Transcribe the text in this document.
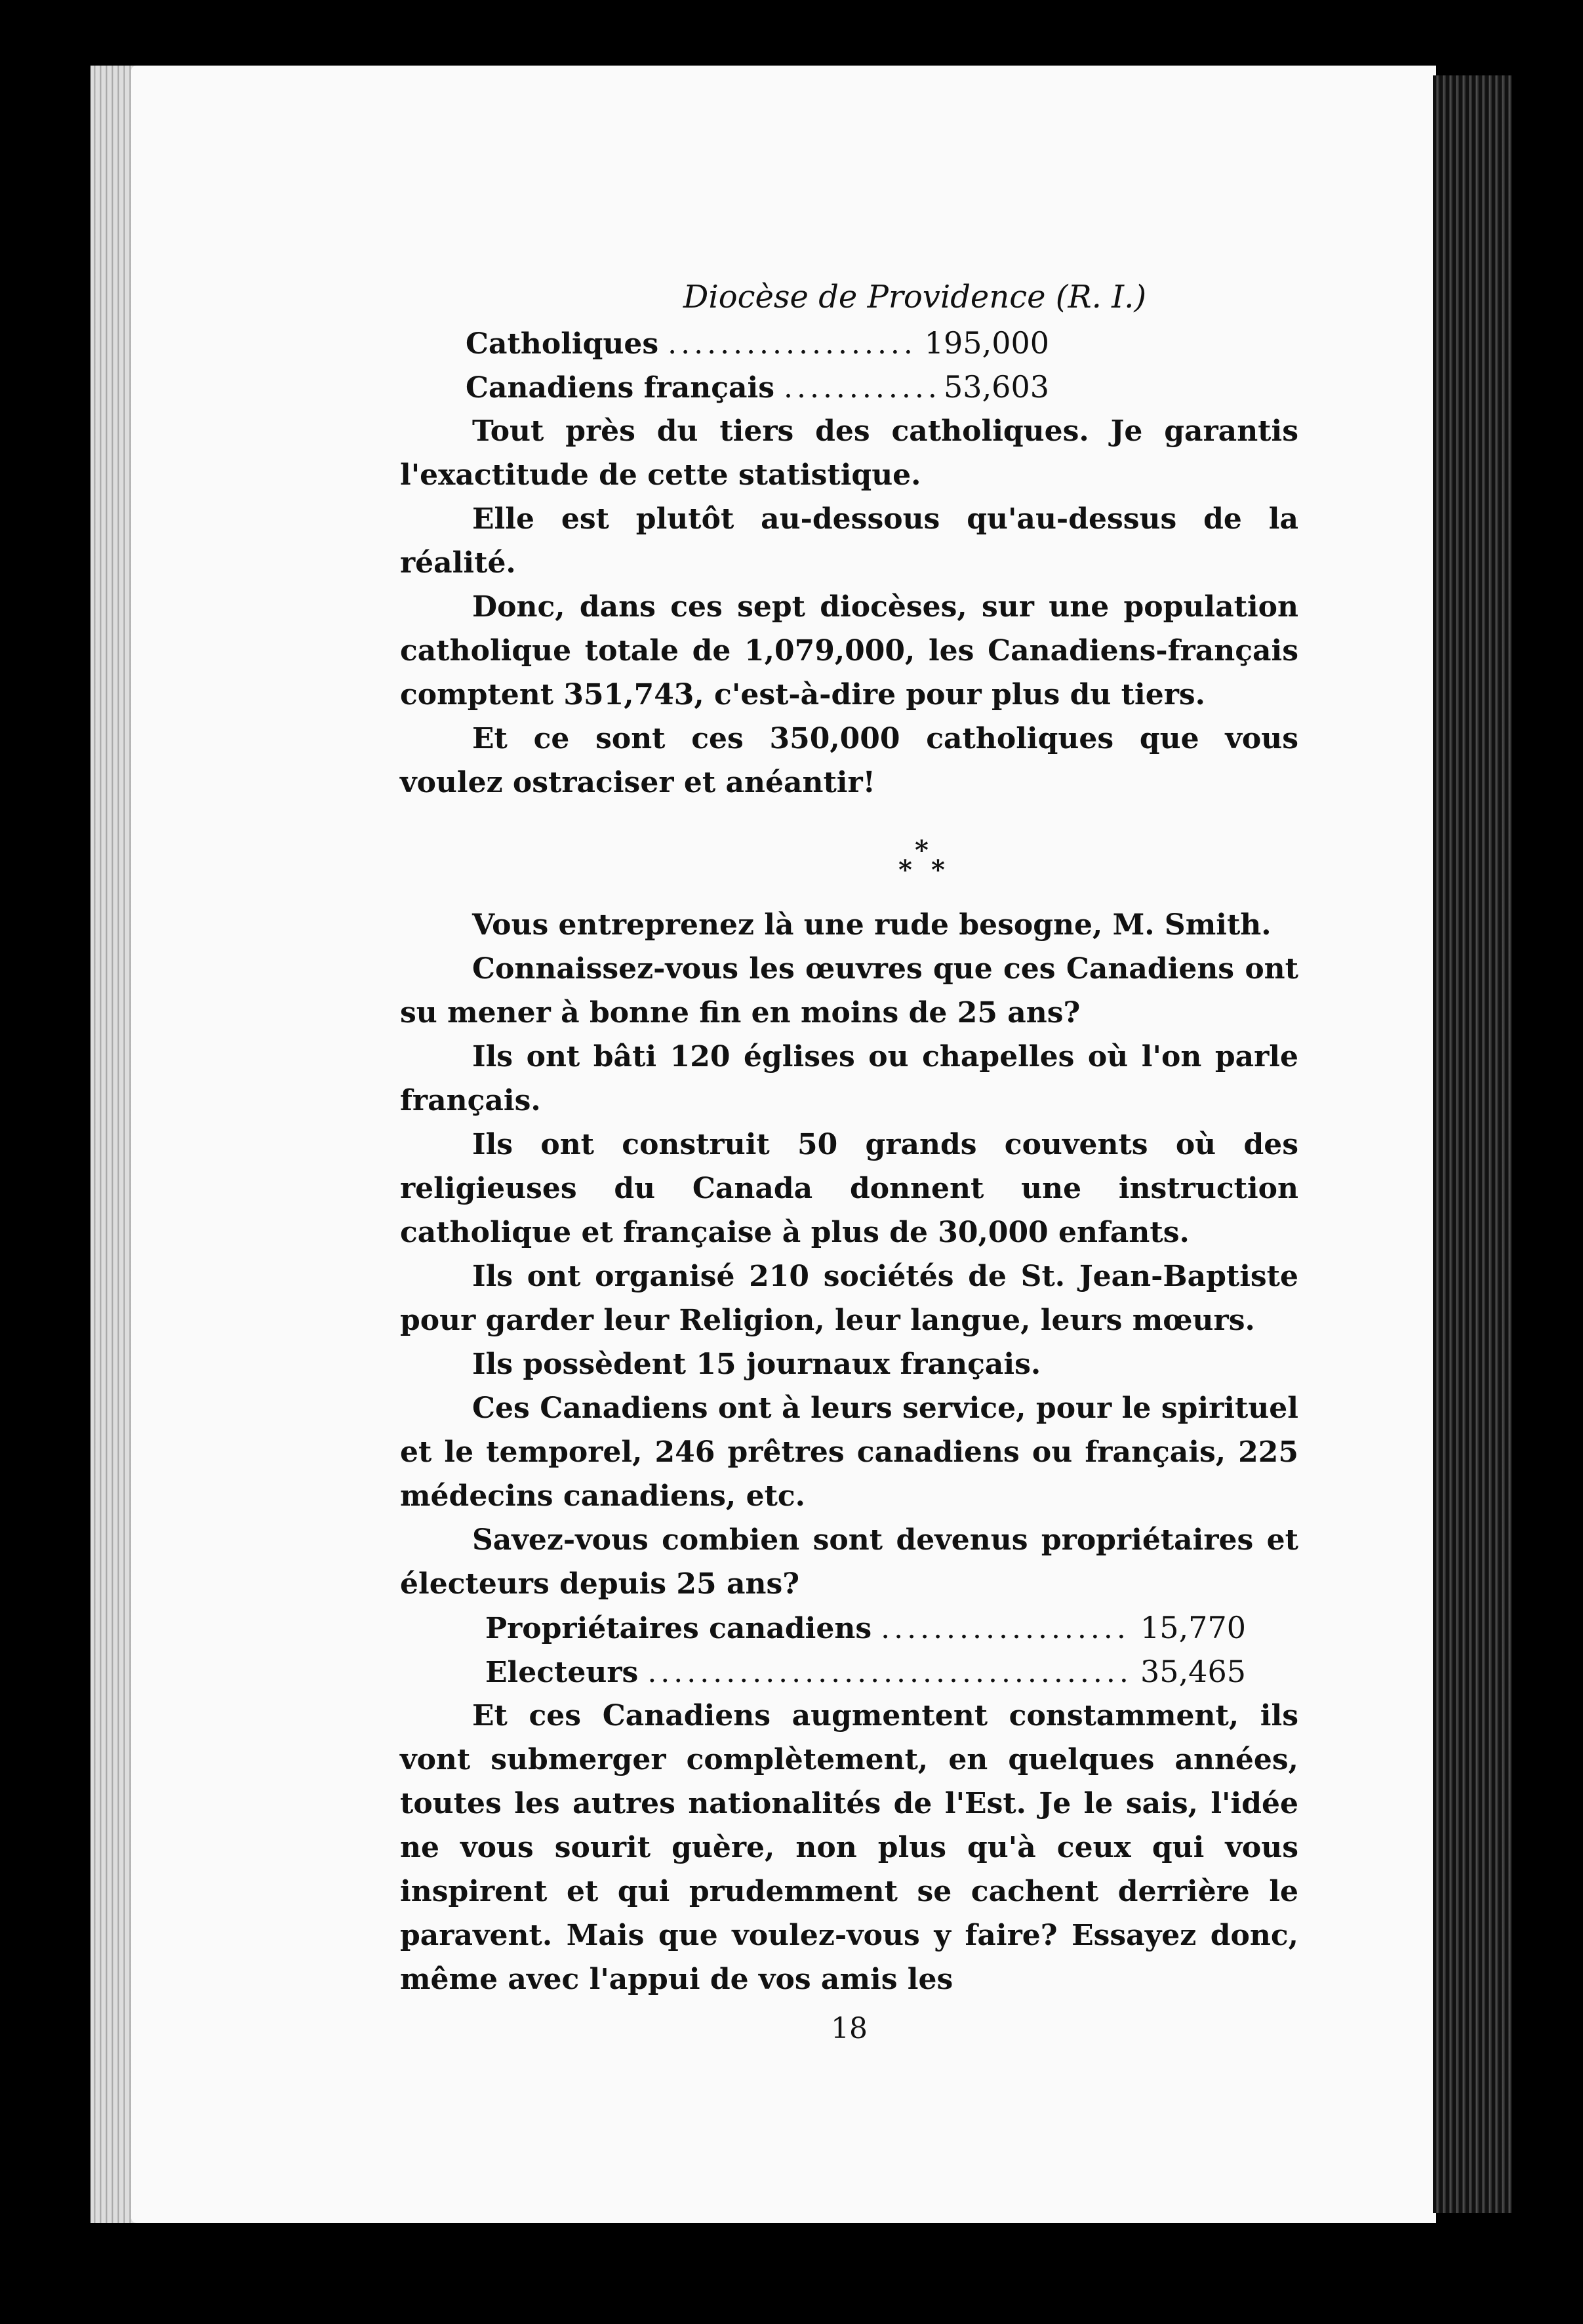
Diocèse de Providence (R. I.)
Catholiques .....	195,000
Canadiens français .....	53,603

Tout près du tiers des catholiques. Je garantis l'exactitude de cette statistique.

Elle est plutôt au-dessous qu'au-dessus de la réalité.

Donc, dans ces sept diocèses, sur une population catholique totale de 1,079,000, les Canadiens-français comptent 351,743, c'est-à-dire pour plus du tiers.

Et ce sont ces 350,000 catholiques que vous voulez ostraciser et anéantir!

*
* *

Vous entreprenez là une rude besogne, M. Smith.

Connaissez-vous les œuvres que ces Canadiens ont su mener à bonne fin en moins de 25 ans?

Ils ont bâti 120 églises ou chapelles où l'on parle français.

Ils ont construit 50 grands couvents où des religieuses du Canada donnent une instruction catholique et française à plus de 30,000 enfants.

Ils ont organisé 210 sociétés de St. Jean-Baptiste pour garder leur Religion, leur langue, leurs mœurs.

Ils possèdent 15 journaux français.

Ces Canadiens ont à leurs service, pour le spirituel et le temporel, 246 prêtres canadiens ou français, 225 médecins canadiens, etc.

Savez-vous combien sont devenus propriétaires et électeurs depuis 25 ans?

Propriétaires canadiens .....	15,770
Electeurs .....	35,465

Et ces Canadiens augmentent constamment, ils vont submerger complètement, en quelques années, toutes les autres nationalités de l'Est. Je le sais, l'idée ne vous sourit guère, non plus qu'à ceux qui vous inspirent et qui prudemment se cachent derrière le paravent. Mais que voulez-vous y faire? Essayez donc, même avec l'appui de vos amis les

18
